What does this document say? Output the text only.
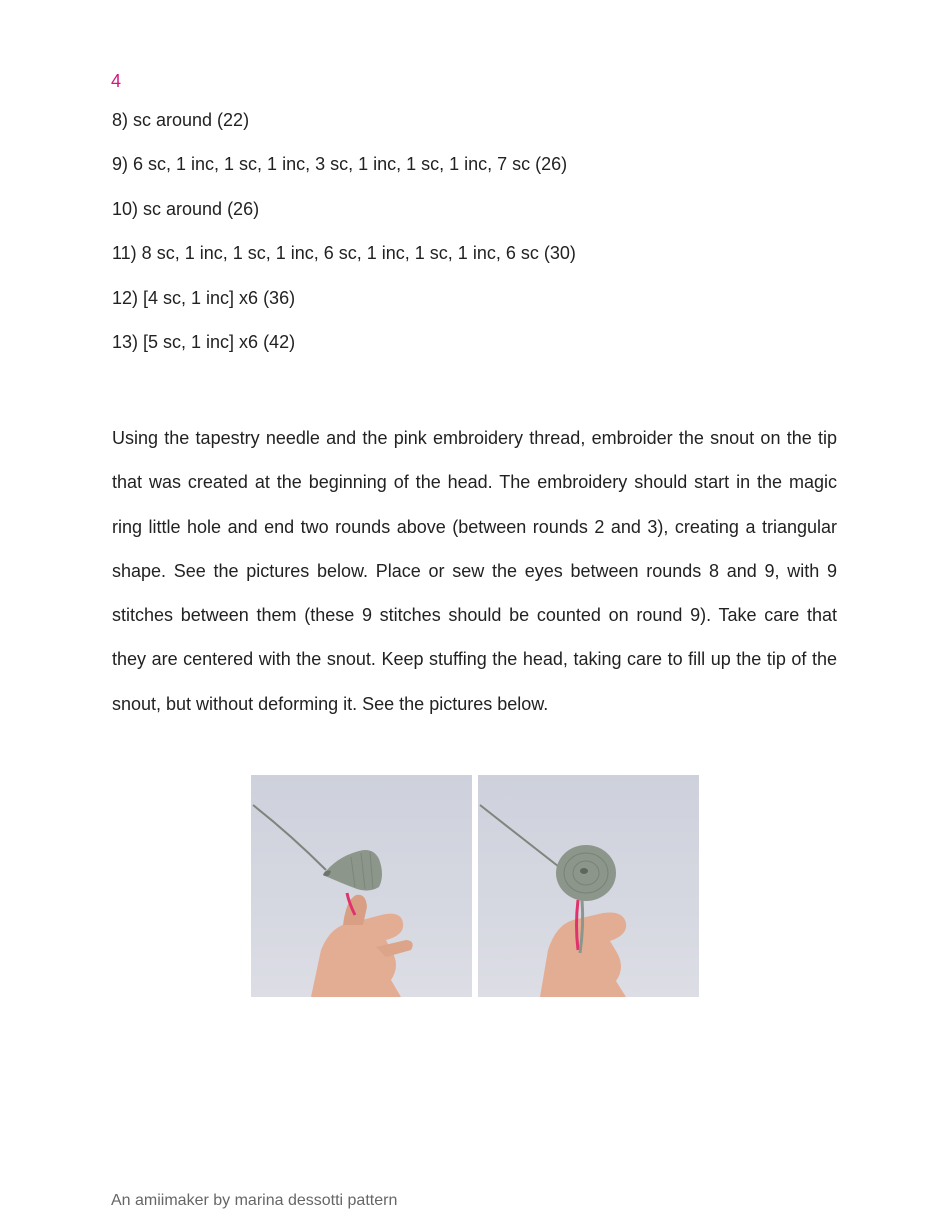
4
8) sc around (22)
9) 6 sc, 1 inc, 1 sc, 1 inc, 3 sc, 1 inc, 1 sc, 1 inc, 7 sc (26)
10) sc around (26)
11) 8 sc, 1 inc, 1 sc, 1 inc, 6 sc, 1 inc, 1 sc, 1 inc, 6 sc (30)
12) [4 sc, 1 inc] x6 (36)
13) [5 sc, 1 inc] x6 (42)

Using the tapestry needle and the pink embroidery thread, embroider the snout on the tip that was created at the beginning of the head. The embroidery should start in the magic ring little hole and end two rounds above (between rounds 2 and 3), creating a triangular shape. See the pictures below. Place or sew the eyes between rounds 8 and 9, with 9 stitches between them (these 9 stitches should be counted on round 9). Take care that they are centered with the snout. Keep stuffing the head, taking care to fill up the tip of the snout, but without deforming it. See the pictures below.

An amiimaker by marina dessotti pattern
